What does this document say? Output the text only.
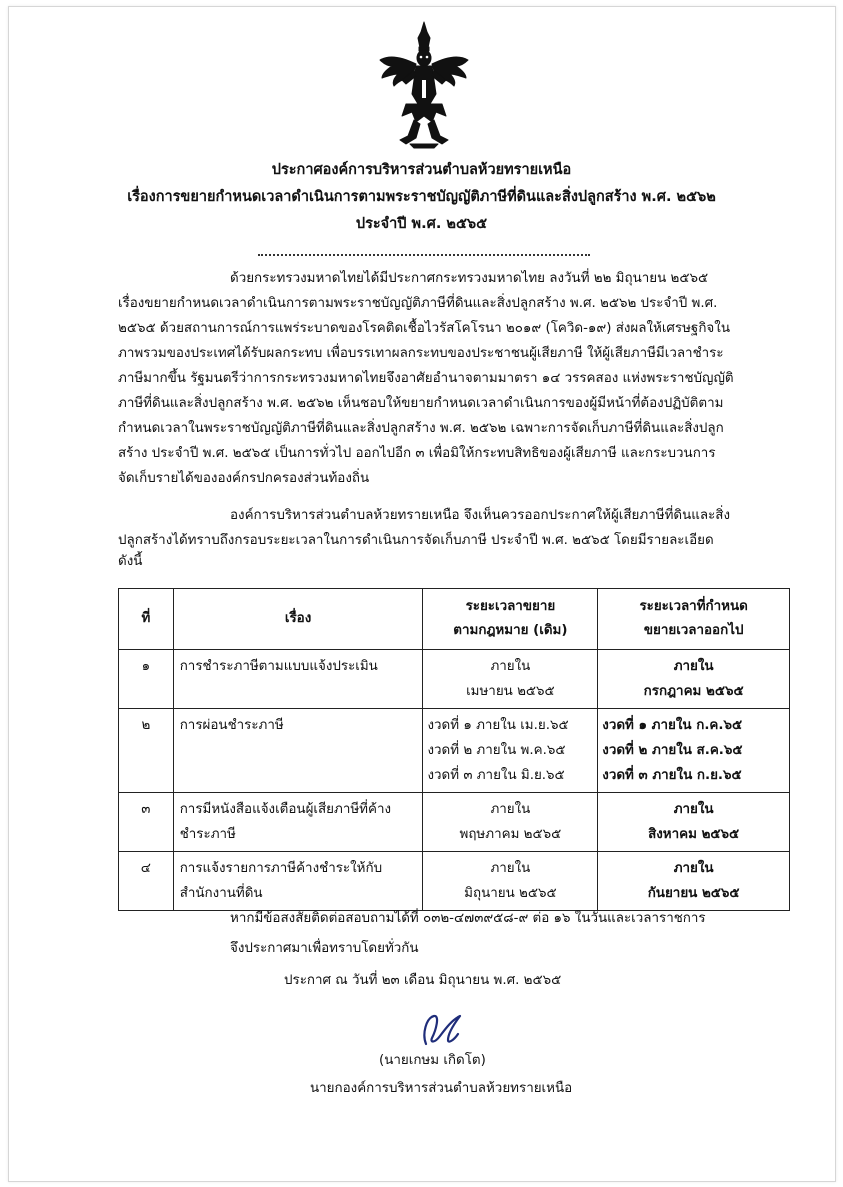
ประกาศองค์การบริหารส่วนตำบลห้วยทรายเหนือ
เรื่องการขยายกำหนดเวลาดำเนินการตามพระราชบัญญัติภาษีที่ดินและสิ่งปลูกสร้าง พ.ศ. ๒๕๖๒
ประจำปี พ.ศ. ๒๕๖๕
ด้วยกระทรวงมหาดไทยได้มีประกาศกระทรวงมหาดไทย ลงวันที่ ๒๒ มิถุนายน ๒๕๖๕
เรื่องขยายกำหนดเวลาดำเนินการตามพระราชบัญญัติภาษีที่ดินและสิ่งปลูกสร้าง พ.ศ. ๒๕๖๒ ประจำปี พ.ศ.
๒๕๖๕ ด้วยสถานการณ์การแพร่ระบาดของโรคติดเชื้อไวรัสโคโรนา ๒๐๑๙ (โควิด-๑๙) ส่งผลให้เศรษฐกิจใน
ภาพรวมของประเทศได้รับผลกระทบ เพื่อบรรเทาผลกระทบของประชาชนผู้เสียภาษี ให้ผู้เสียภาษีมีเวลาชำระ
ภาษีมากขึ้น รัฐมนตรีว่าการกระทรวงมหาดไทยจึงอาศัยอำนาจตามมาตรา ๑๔ วรรคสอง แห่งพระราชบัญญัติ
ภาษีที่ดินและสิ่งปลูกสร้าง พ.ศ. ๒๕๖๒ เห็นชอบให้ขยายกำหนดเวลาดำเนินการของผู้มีหน้าที่ต้องปฏิบัติตาม
กำหนดเวลาในพระราชบัญญัติภาษีที่ดินและสิ่งปลูกสร้าง พ.ศ. ๒๕๖๒ เฉพาะการจัดเก็บภาษีที่ดินและสิ่งปลูก
สร้าง ประจำปี พ.ศ. ๒๕๖๕ เป็นการทั่วไป ออกไปอีก ๓ เพื่อมิให้กระทบสิทธิของผู้เสียภาษี และกระบวนการ
จัดเก็บรายได้ขององค์กรปกครองส่วนท้องถิ่น
องค์การบริหารส่วนตำบลห้วยทรายเหนือ จึงเห็นควรออกประกาศให้ผู้เสียภาษีที่ดินและสิ่ง
ปลูกสร้างได้ทราบถึงกรอบระยะเวลาในการดำเนินการจัดเก็บภาษี ประจำปี พ.ศ. ๒๕๖๕ โดยมีรายละเอียด
ดังนี้
ที่	เรื่อง	ระยะเวลาขยาย
ตามกฎหมาย (เดิม)	ระยะเวลาที่กำหนด
ขยายเวลาออกไป

๑	การชำระภาษีตามแบบแจ้งประเมิน	ภายใน
เมษายน ๒๕๖๕	ภายใน
กรกฎาคม ๒๕๖๕

๒	การผ่อนชำระภาษี	งวดที่ ๑ ภายใน เม.ย.๖๕
งวดที่ ๒ ภายใน พ.ค.๖๕
งวดที่ ๓ ภายใน มิ.ย.๖๕	งวดที่ ๑ ภายใน ก.ค.๖๕
งวดที่ ๒ ภายใน ส.ค.๖๕
งวดที่ ๓ ภายใน ก.ย.๖๕

๓	การมีหนังสือแจ้งเตือนผู้เสียภาษีที่ค้าง
ชำระภาษี	ภายใน
พฤษภาคม ๒๕๖๕	ภายใน
สิงหาคม ๒๕๖๕

๔	การแจ้งรายการภาษีค้างชำระให้กับ
สำนักงานที่ดิน	ภายใน
มิถุนายน ๒๕๖๕	ภายใน
กันยายน ๒๕๖๕
หากมีข้อสงสัยติดต่อสอบถามได้ที่ ๐๓๒-๔๗๓๙๕๘-๙ ต่อ ๑๖ ในวันและเวลาราชการ
จึงประกาศมาเพื่อทราบโดยทั่วกัน
ประกาศ ณ วันที่ ๒๓ เดือน มิถุนายน พ.ศ. ๒๕๖๕
(นายเกษม เกิดโต)
นายกองค์การบริหารส่วนตำบลห้วยทรายเหนือ
